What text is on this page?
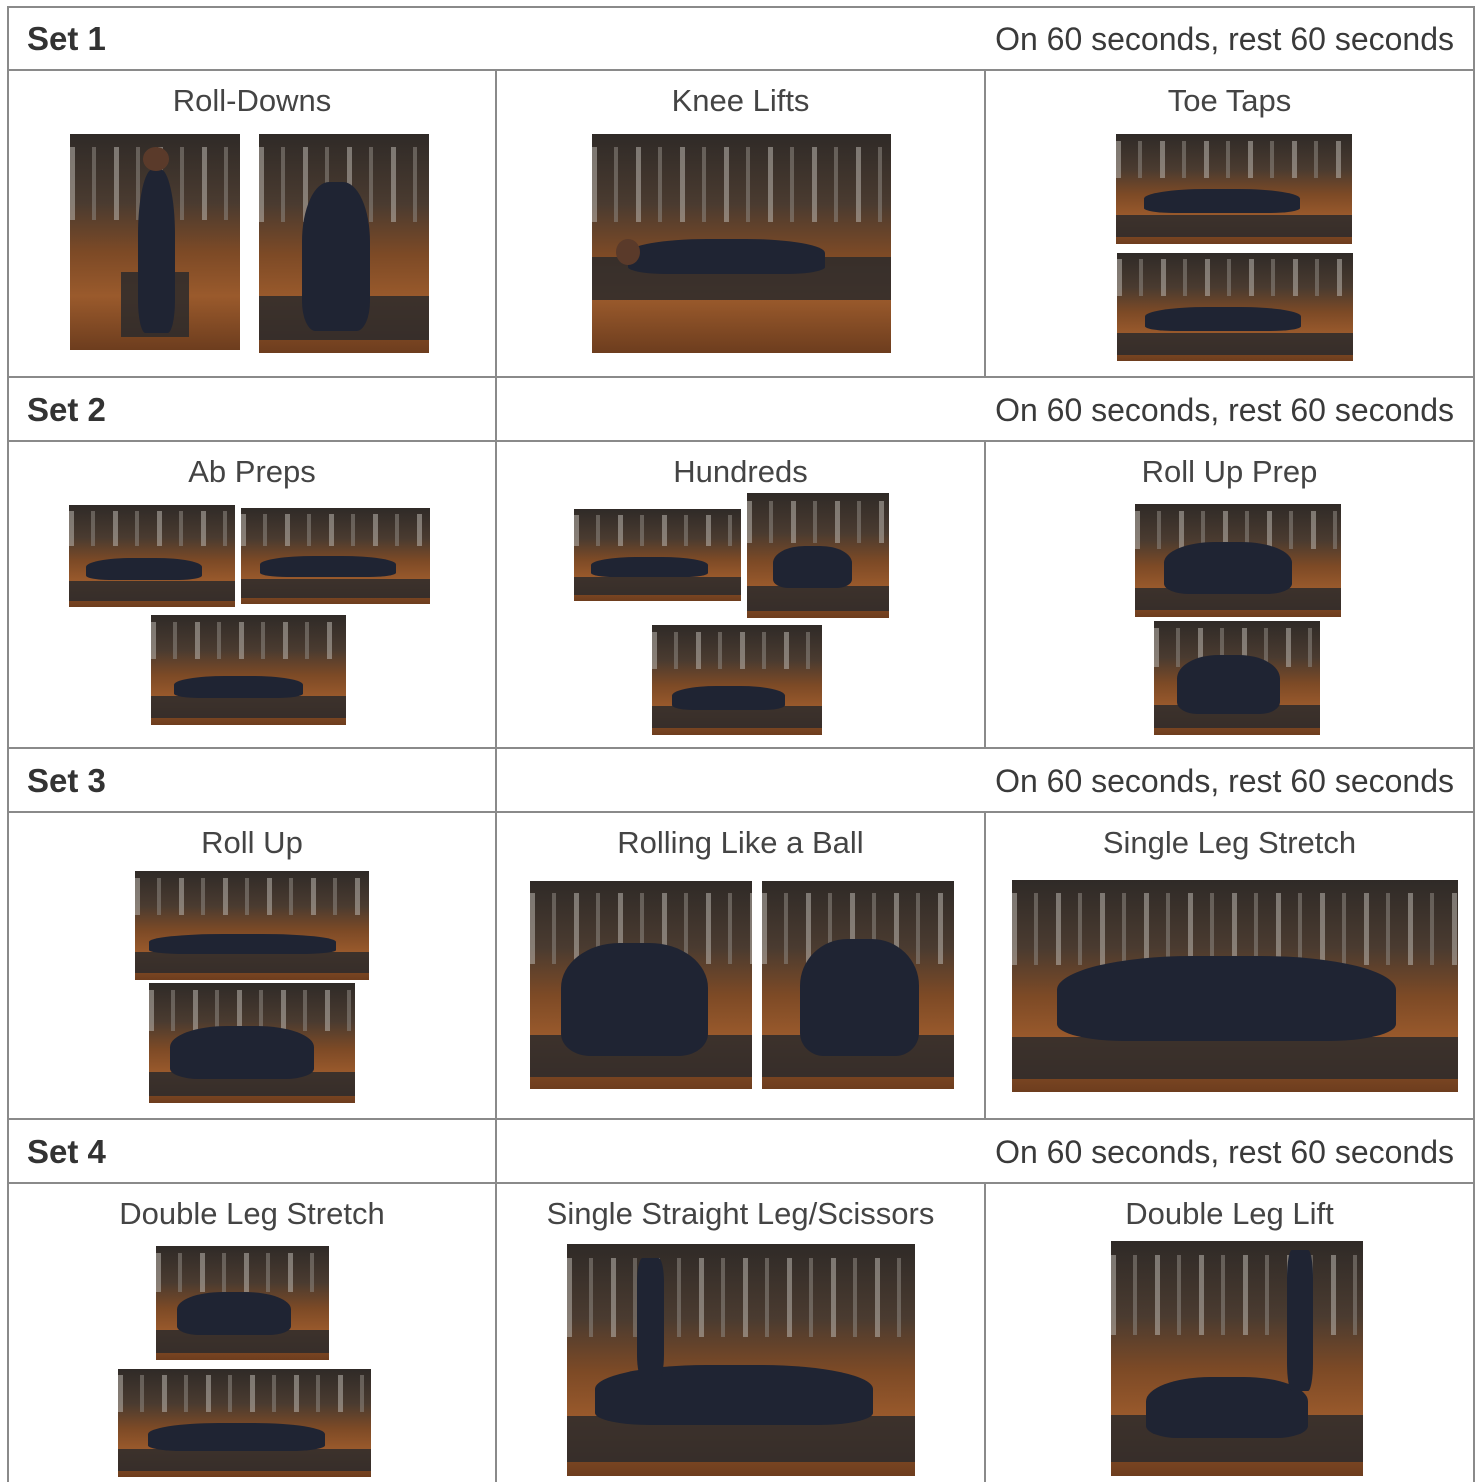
Set 1	On 60 seconds, rest 60 seconds
Roll-Downs	Knee Lifts	Toe Taps
Set 2	On 60 seconds, rest 60 seconds
Ab Preps	Hundreds	Roll Up Prep
Set 3	On 60 seconds, rest 60 seconds
Roll Up	Rolling Like a Ball	Single Leg Stretch
Set 4	On 60 seconds, rest 60 seconds
Double Leg Stretch	Single Straight Leg/Scissors	Double Leg Lift
